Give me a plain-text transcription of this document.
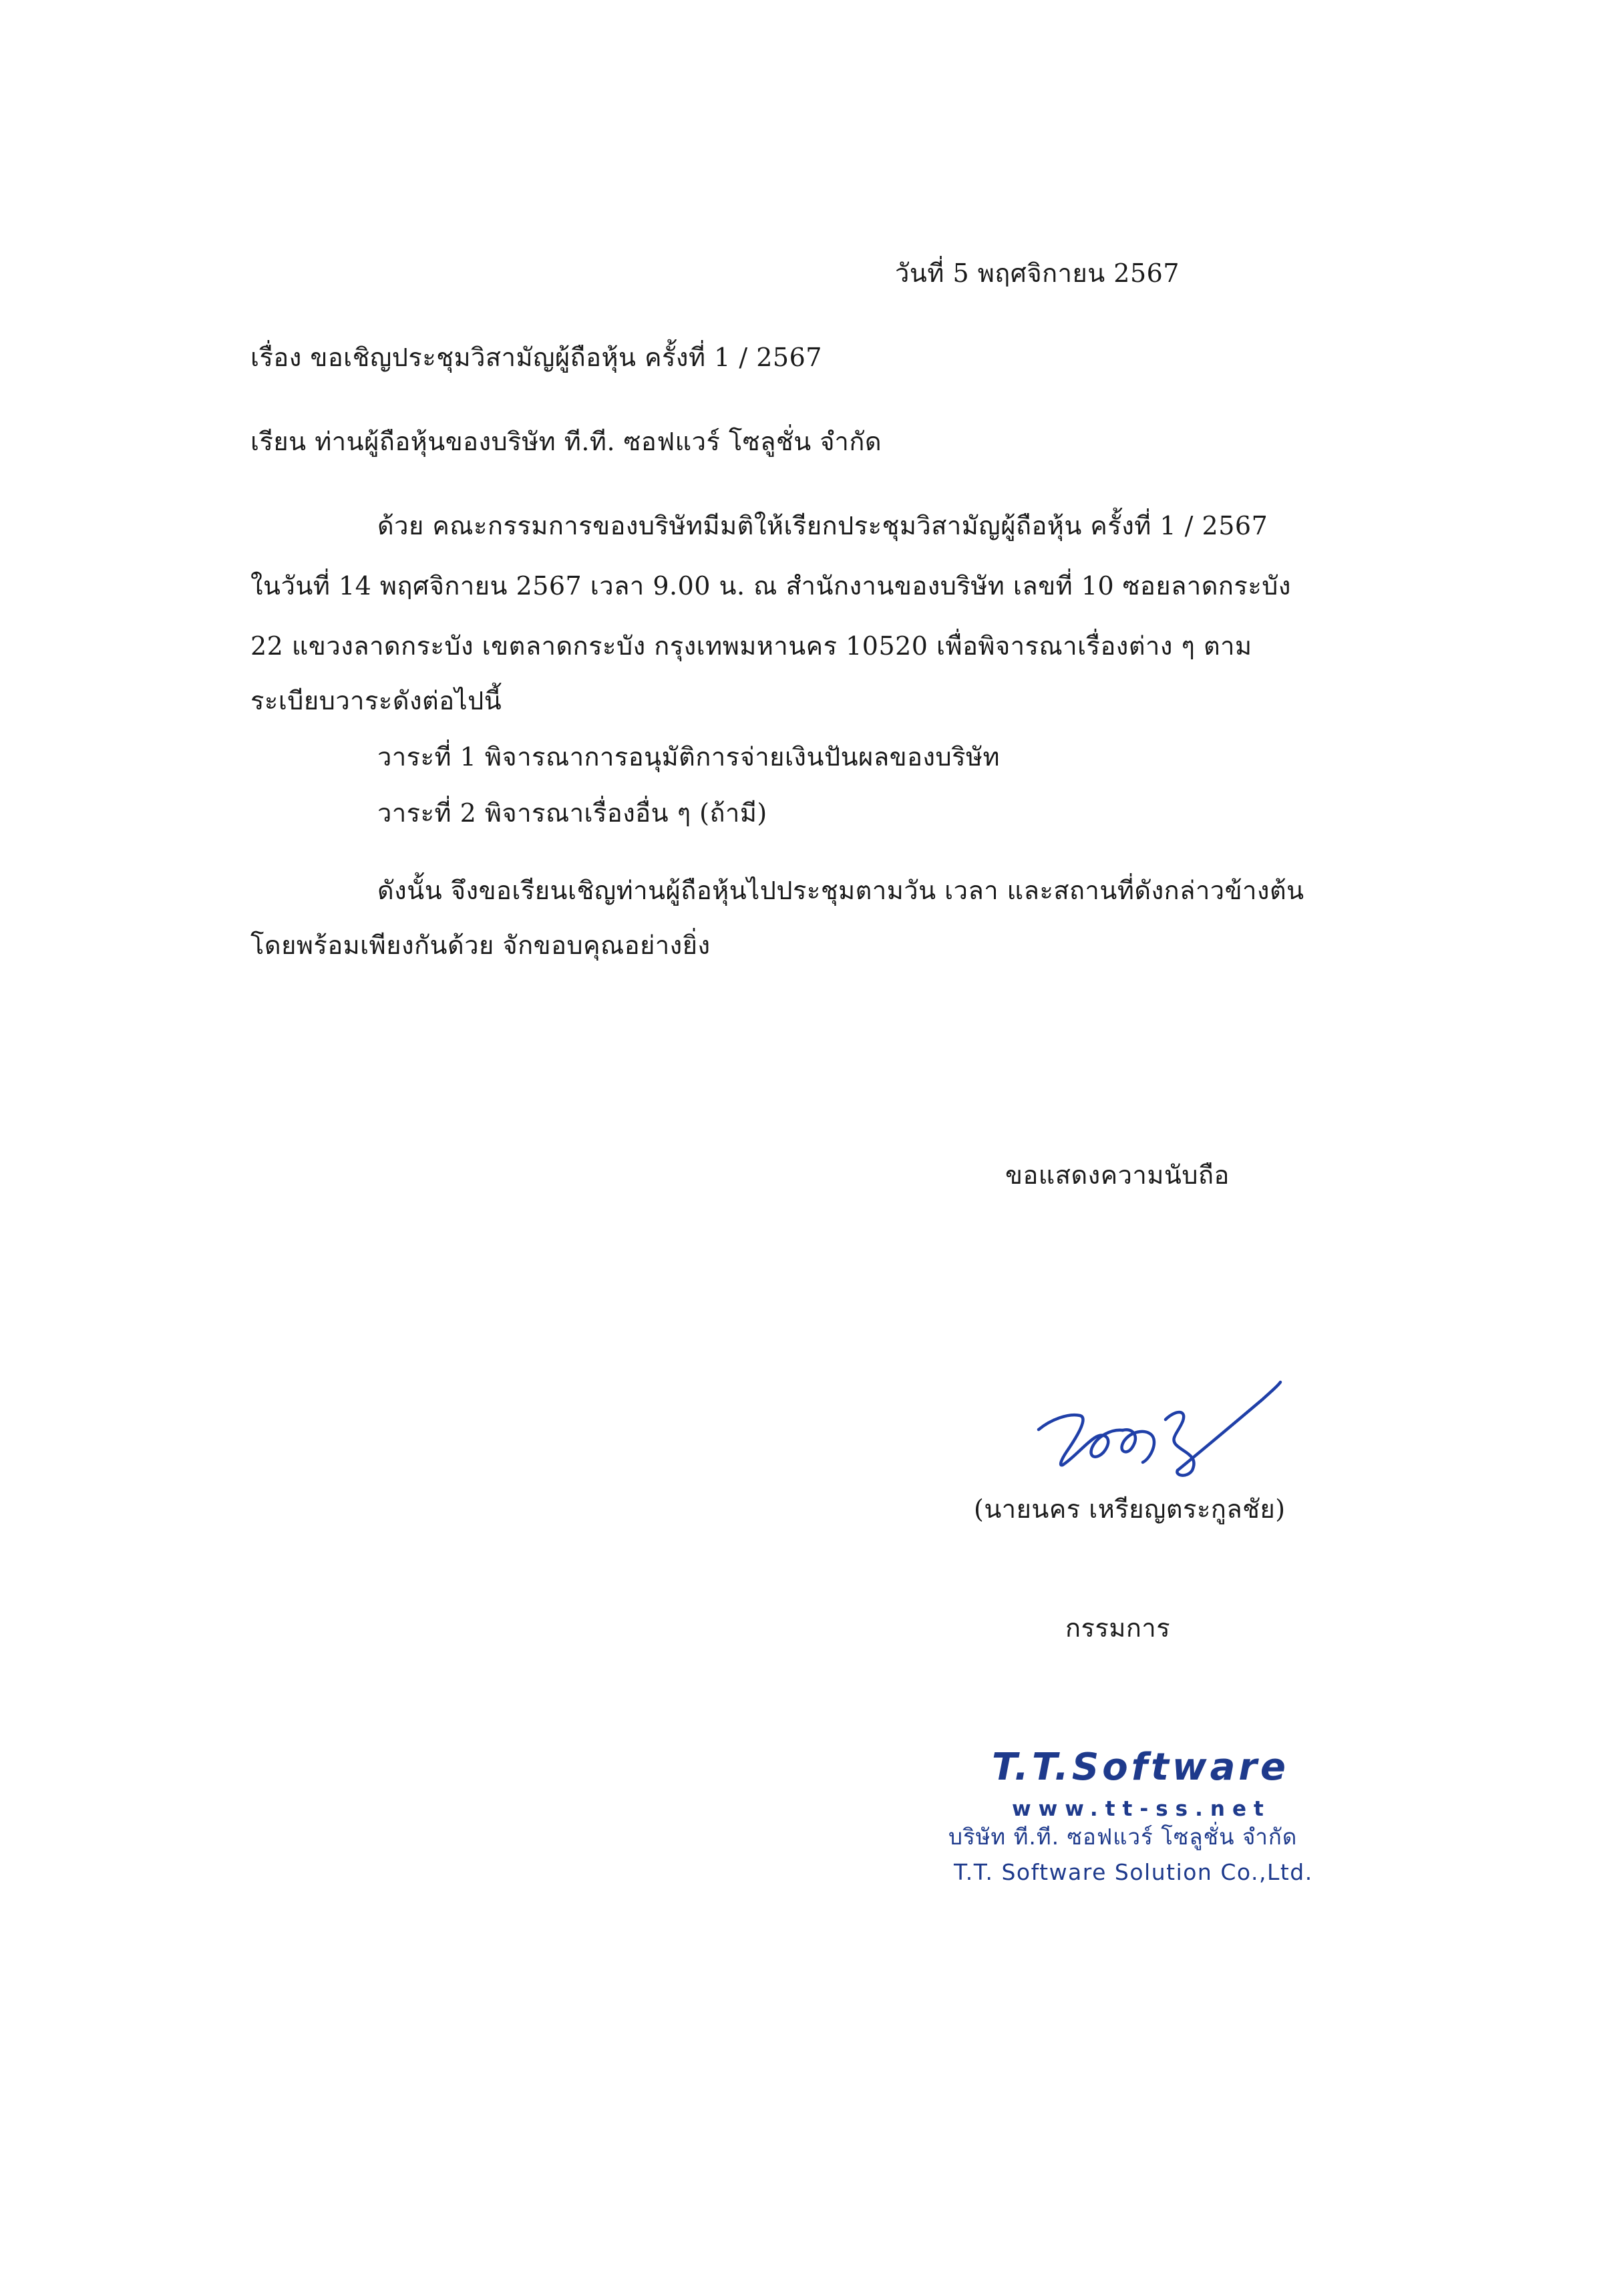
วันที่ 5 พฤศจิกายน 2567
เรื่อง ขอเชิญประชุมวิสามัญผู้ถือหุ้น ครั้งที่ 1 / 2567
เรียน ท่านผู้ถือหุ้นของบริษัท ที.ที. ซอฟแวร์ โซลูชั่น จำกัด
ด้วย คณะกรรมการของบริษัทมีมติให้เรียกประชุมวิสามัญผู้ถือหุ้น ครั้งที่ 1 / 2567
ในวันที่ 14 พฤศจิกายน 2567 เวลา 9.00 น. ณ สำนักงานของบริษัท เลขที่ 10 ซอยลาดกระบัง
22 แขวงลาดกระบัง เขตลาดกระบัง กรุงเทพมหานคร 10520 เพื่อพิจารณาเรื่องต่าง ๆ ตาม
ระเบียบวาระดังต่อไปนี้
วาระที่ 1 พิจารณาการอนุมัติการจ่ายเงินปันผลของบริษัท
วาระที่ 2 พิจารณาเรื่องอื่น ๆ (ถ้ามี)
ดังนั้น จึงขอเรียนเชิญท่านผู้ถือหุ้นไปประชุมตามวัน เวลา และสถานที่ดังกล่าวข้างต้น
โดยพร้อมเพียงกันด้วย จักขอบคุณอย่างยิ่ง
ขอแสดงความนับถือ
(นายนคร เหรียญตระกูลชัย)
กรรมการ
T.T.Software
www.tt-ss.net
บริษัท ที.ที. ซอฟแวร์ โซลูชั่น จำกัด
T.T. Software Solution Co.,Ltd.
